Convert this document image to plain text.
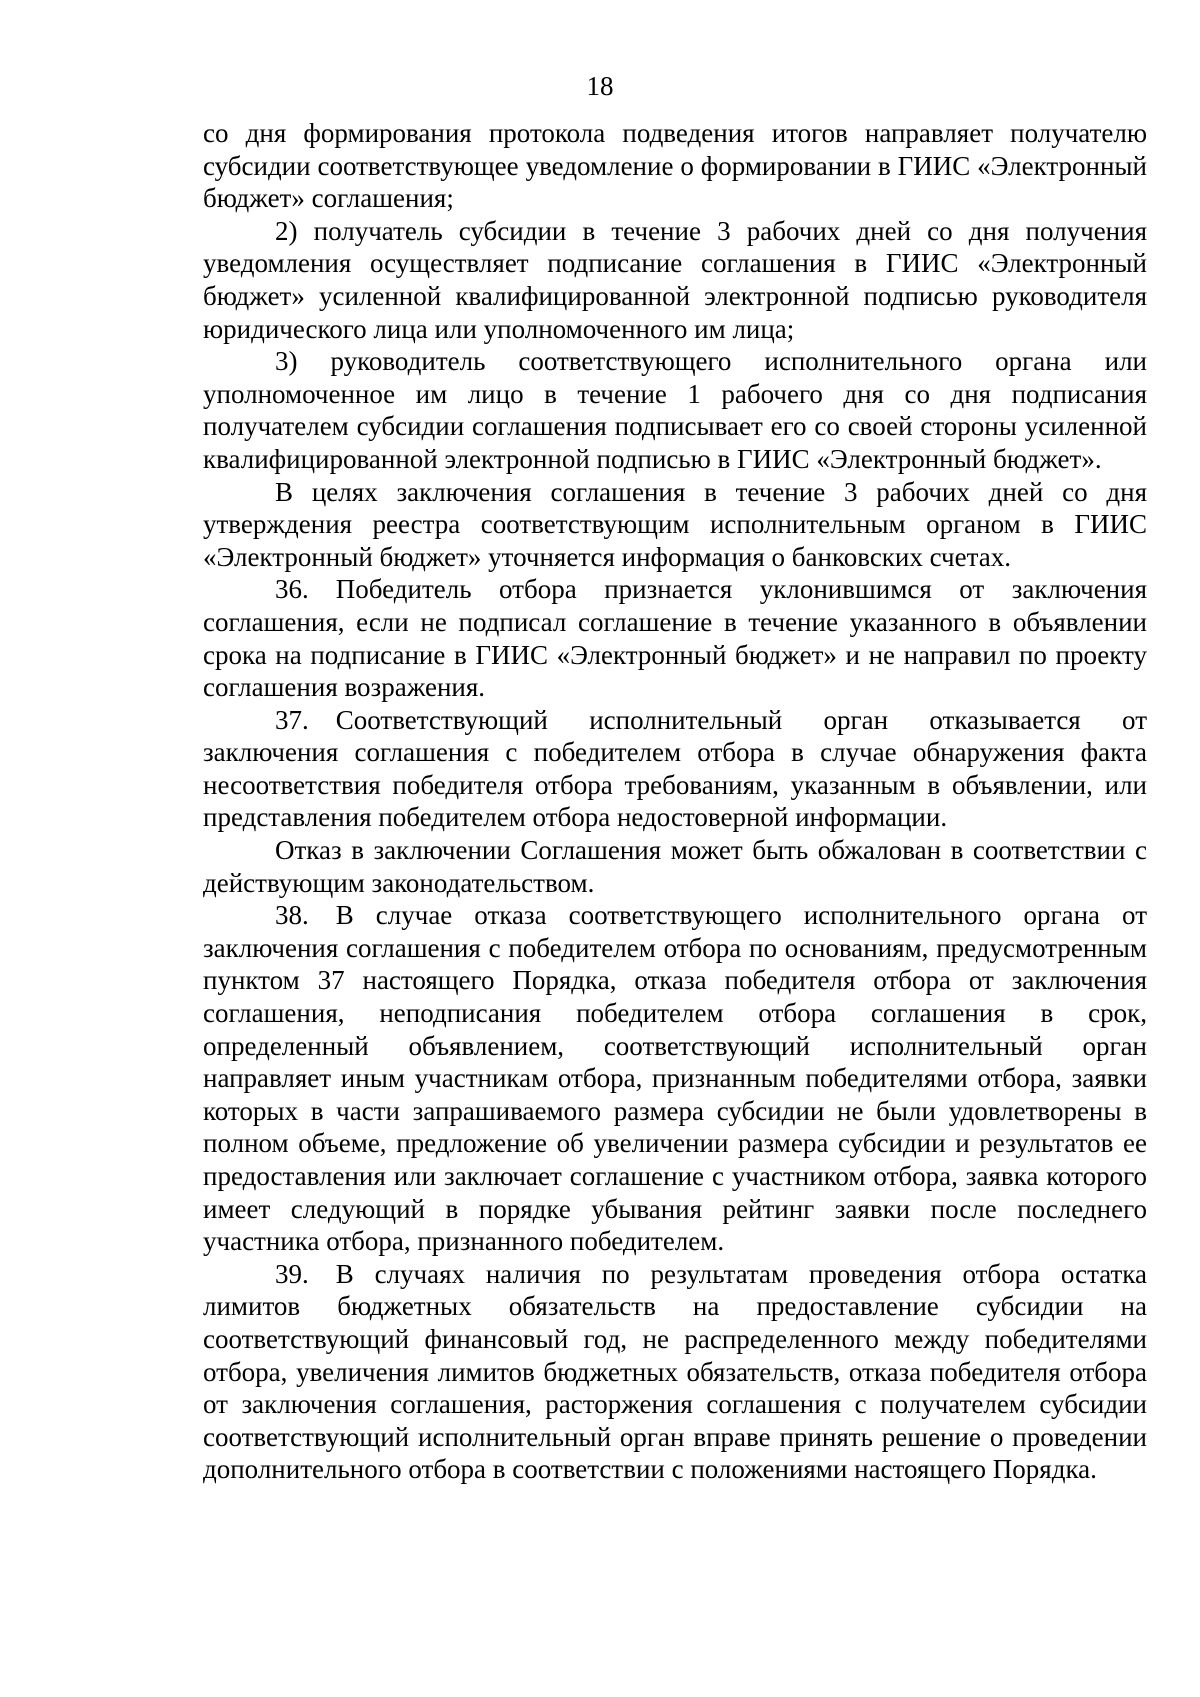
18

со дня формирования протокола подведения итогов направляет получателю субсидии соответствующее уведомление о формировании в ГИИС «Электронный бюджет» соглашения;

2) получатель субсидии в течение 3 рабочих дней со дня получения уведомления осуществляет подписание соглашения в ГИИС «Электронный бюджет» усиленной квалифицированной электронной подписью руководителя юридического лица или уполномоченного им лица;

3) руководитель соответствующего исполнительного органа или уполномоченное им лицо в течение 1 рабочего дня со дня подписания получателем субсидии соглашения подписывает его со своей стороны усиленной квалифицированной электронной подписью в ГИИС «Электронный бюджет».

В целях заключения соглашения в течение 3 рабочих дней со дня утверждения реестра соответствующим исполнительным органом в ГИИС «Электронный бюджет» уточняется информация о банковских счетах.

36. Победитель отбора признается уклонившимся от заключения соглашения, если не подписал соглашение в течение указанного в объявлении срока на подписание в ГИИС «Электронный бюджет» и не направил по проекту соглашения возражения.

37. Соответствующий исполнительный орган отказывается от заключения соглашения с победителем отбора в случае обнаружения факта несоответствия победителя отбора требованиям, указанным в объявлении, или представления победителем отбора недостоверной информации.

Отказ в заключении Соглашения может быть обжалован в соответствии с действующим законодательством.

38. В случае отказа соответствующего исполнительного органа от заключения соглашения с победителем отбора по основаниям, предусмотренным пунктом 37 настоящего Порядка, отказа победителя отбора от заключения соглашения, неподписания победителем отбора соглашения в срок, определенный объявлением, соответствующий исполнительный орган направляет иным участникам отбора, признанным победителями отбора, заявки которых в части запрашиваемого размера субсидии не были удовлетворены в полном объеме, предложение об увеличении размера субсидии и результатов ее предоставления или заключает соглашение с участником отбора, заявка которого имеет следующий в порядке убывания рейтинг заявки после последнего участника отбора, признанного победителем.

39. В случаях наличия по результатам проведения отбора остатка лимитов бюджетных обязательств на предоставление субсидии на соответствующий финансовый год, не распределенного между победителями отбора, увеличения лимитов бюджетных обязательств, отказа победителя отбора от заключения соглашения, расторжения соглашения с получателем субсидии соответствующий исполнительный орган вправе принять решение о проведении дополнительного отбора в соответствии с положениями настоящего Порядка.
